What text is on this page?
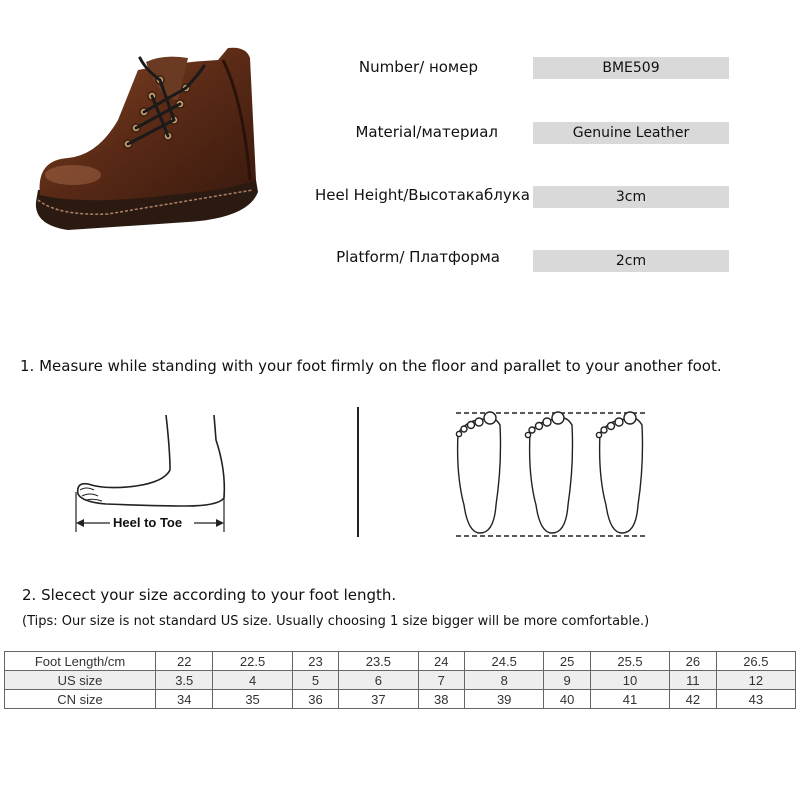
Number/ номер	BME509
Material/материал	Genuine Leather
Heel Height/Высотакаблука	3cm
Platform/ Платформа	2cm
1. Measure while standing with your foot firmly on the floor and parallet to your another foot.
Heel to Toe
2. Slecect your size according to your foot length.
(Tips: Our size is not standard US size. Usually choosing 1 size bigger will be more comfortable.)
Foot Length/cm	22	22.5	23	23.5	24	24.5	25	25.5	26	26.5
US size	3.5	4	5	6	7	8	9	10	11	12
CN size	34	35	36	37	38	39	40	41	42	43
